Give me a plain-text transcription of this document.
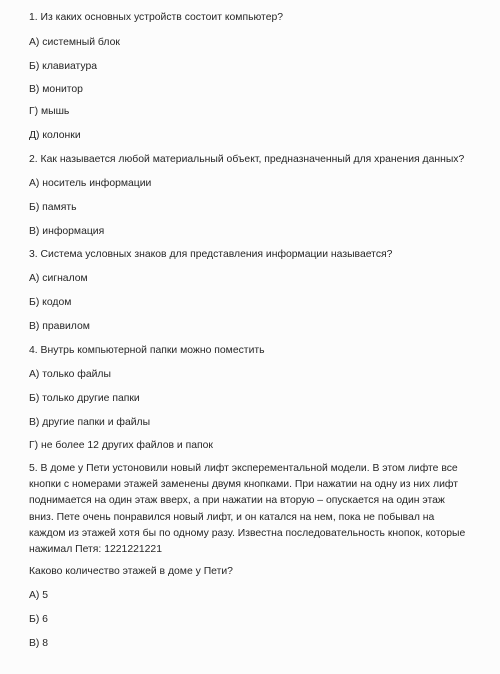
1. Из каких основных устройств состоит компьютер?
А) системный блок
Б) клавиатура
В) монитор
Г) мышь
Д) колонки
2. Как называется любой материальный объект, предназначенный для хранения данных?
А) носитель информации
Б) память
В) информация
3. Система условных знаков для представления информации называется?
А) сигналом
Б) кодом
В) правилом
4. Внутрь компьютерной папки можно поместить
А) только файлы
Б) только другие папки
В) другие папки и файлы
Г) не более 12 других файлов и папок
5. В доме у Пети устоновили новый лифт эксперементальной модели. В этом лифте все
кнопки с номерами этажей заменены двумя кнопками. При нажатии на одну из них лифт
поднимается на один этаж вверх, а при нажатии на вторую – опускается на один этаж
вниз. Пете очень понравился новый лифт, и он катался на нем, пока не побывал на
каждом из этажей хотя бы по одному разу. Известна последовательность кнопок, которые
нажимал Петя: 1221221221
Каково количество этажей в доме у Пети?
А) 5
Б) 6
В) 8
